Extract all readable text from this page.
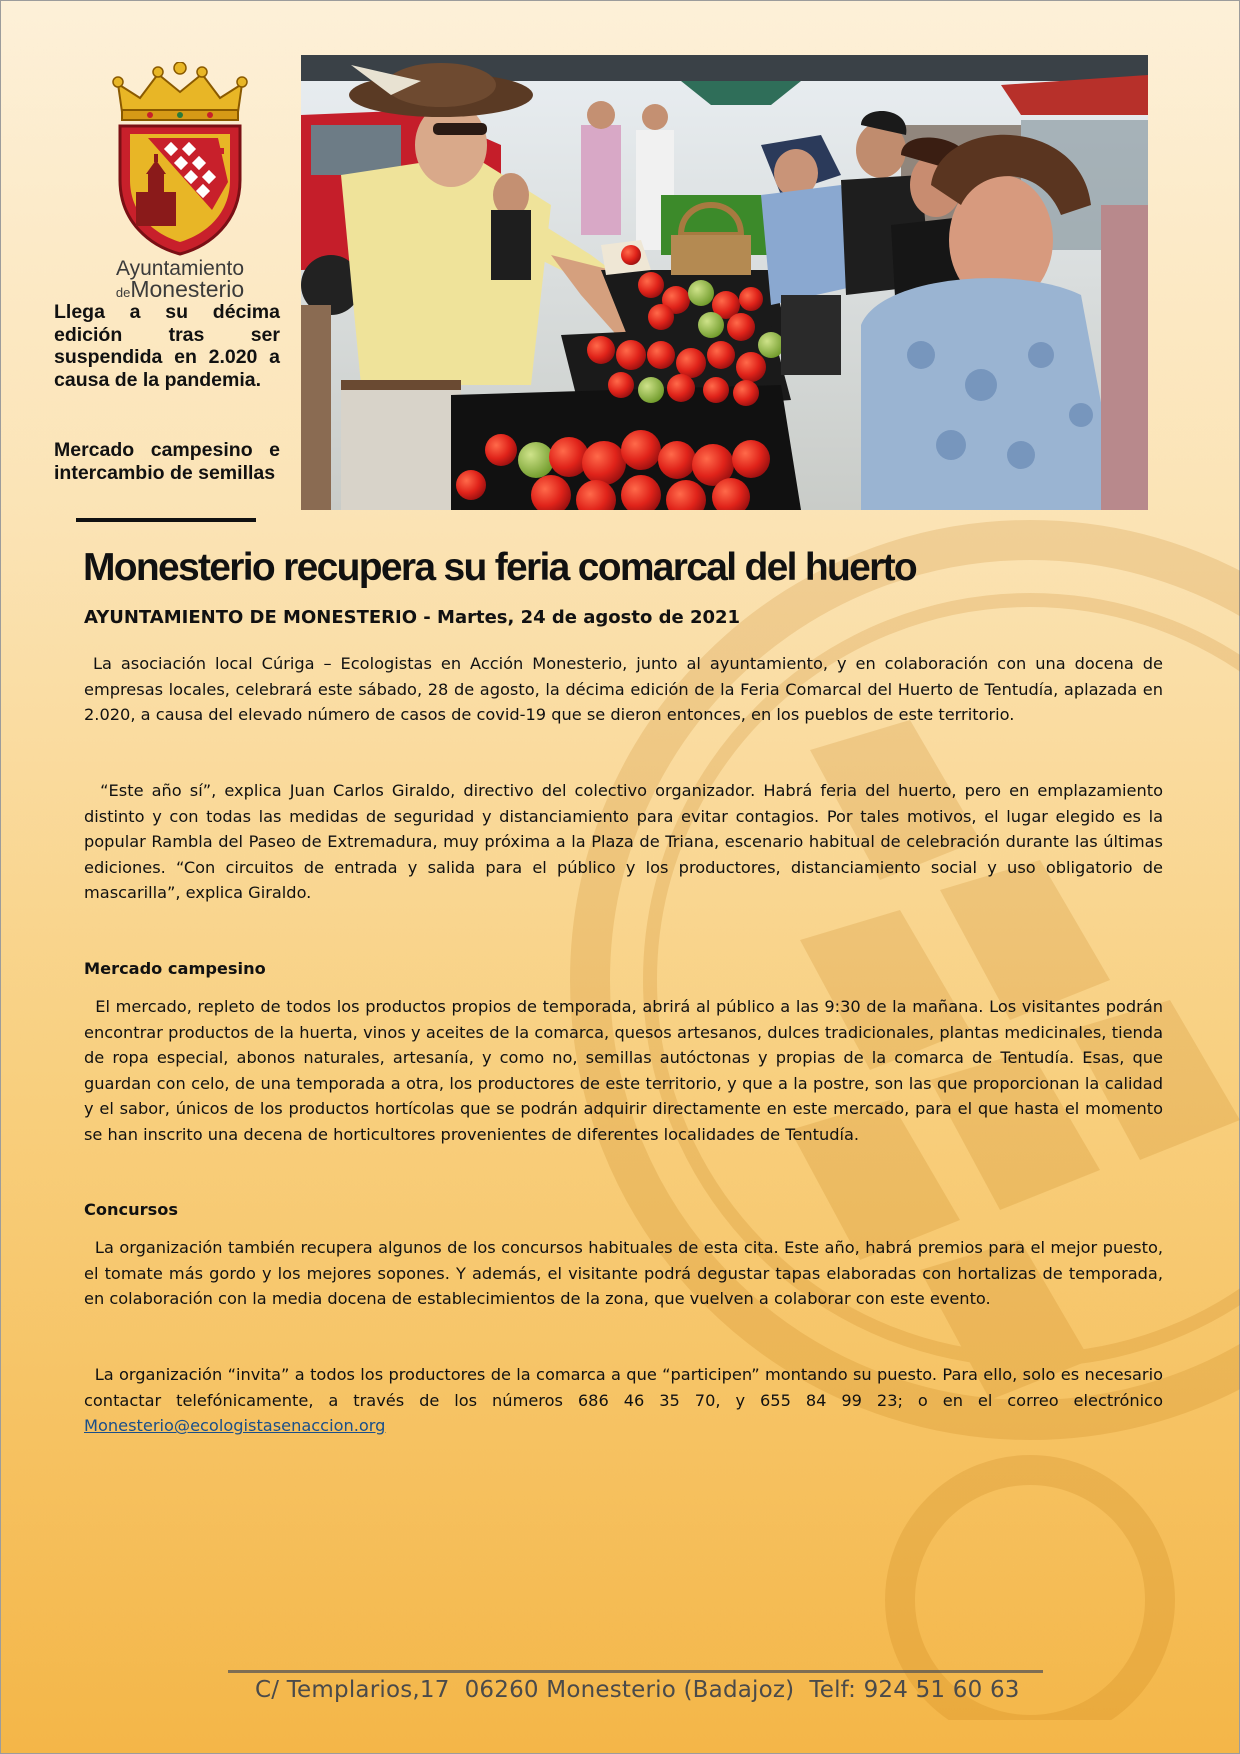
Ayuntamiento
deMonesterio
Llega a su décima edición tras ser suspendida en 2.020 a causa de la pandemia.
Mercado campesino e intercambio de semillas
Monesterio recupera su feria comarcal del huerto
AYUNTAMIENTO DE MONESTERIO - Martes, 24 de agosto de 2021
La asociación local Cúriga – Ecologistas en Acción Monesterio, junto al ayuntamiento, y en colaboración con una docena de empresas locales, celebrará este sábado, 28 de agosto, la décima edición de la Feria Comarcal del Huerto de Tentudía, aplazada en 2.020, a causa del elevado número de casos de covid-19 que se dieron entonces, en los pueblos de este territorio.
“Este año sí”, explica Juan Carlos Giraldo, directivo del colectivo organizador. Habrá feria del huerto, pero en emplazamiento distinto y con todas las medidas de seguridad y distanciamiento para evitar contagios. Por tales motivos, el lugar elegido es la popular Rambla del Paseo de Extremadura, muy próxima a la Plaza de Triana, escenario habitual de celebración durante las últimas ediciones. “Con circuitos de entrada y salida para el público y los productores, distanciamiento social y uso obligatorio de mascarilla”, explica Giraldo.
Mercado campesino
El mercado, repleto de todos los productos propios de temporada, abrirá al público a las 9:30 de la mañana. Los visitantes podrán encontrar productos de la huerta, vinos y aceites de la comarca, quesos artesanos, dulces tradicionales, plantas medicinales, tienda de ropa especial, abonos naturales, artesanía, y como no, semillas autóctonas y propias de la comarca de Tentudía. Esas, que guardan con celo, de una temporada a otra, los productores de este territorio, y que a la postre, son las que proporcionan la calidad y el sabor, únicos de los productos hortícolas que se podrán adquirir directamente en este mercado, para el que hasta el momento se han inscrito una decena de horticultores provenientes de diferentes localidades de Tentudía.
Concursos
La organización también recupera algunos de los concursos habituales de esta cita. Este año, habrá premios para el mejor puesto, el tomate más gordo y los mejores sopones. Y además, el visitante podrá degustar tapas elaboradas con hortalizas de temporada, en colaboración con la media docena de establecimientos de la zona, que vuelven a colaborar con este evento.
La organización “invita” a todos los productores de la comarca a que “participen” montando su puesto. Para ello, solo es necesario contactar telefónicamente, a través de los números 686 46 35 70, y 655 84 99 23; o en el correo electrónico Monesterio@ecologistasenaccion.org
C/ Templarios,17  06260 Monesterio (Badajoz)  Telf: 924 51 60 63
